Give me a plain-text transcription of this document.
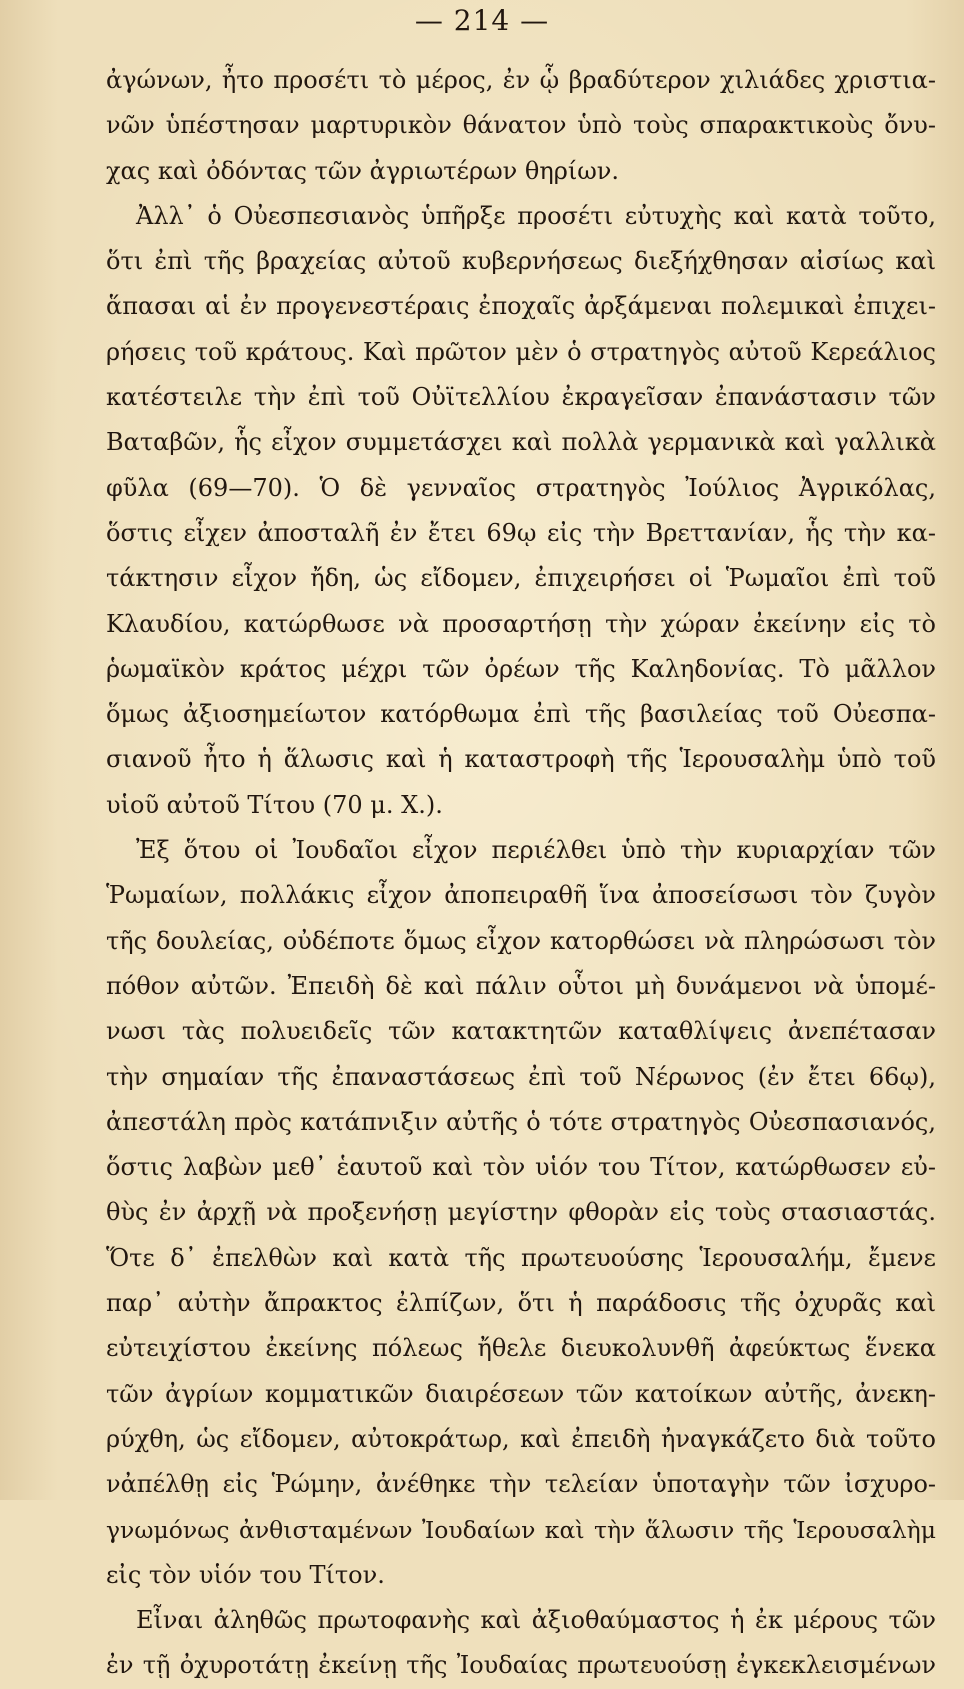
— 214 —
ἀγώνων, ἦτο προσέτι τὸ μέρος, ἐν ᾧ βραδύτερον χιλιάδες χριστια-
νῶν ὑπέστησαν μαρτυρικὸν θάνατον ὑπὸ τοὺς σπαρακτικοὺς ὄνυ-
χας καὶ ὀδόντας τῶν ἀγριωτέρων θηρίων.
Ἀλλ᾽ ὁ Οὐεσπεσιανὸς ὑπῆρξε προσέτι εὐτυχὴς καὶ κατὰ τοῦτο,
ὅτι ἐπὶ τῆς βραχείας αὐτοῦ κυβερνήσεως διεξήχθησαν αἰσίως καὶ
ἅπασαι αἱ ἐν προγενεστέραις ἐποχαῖς ἀρξάμεναι πολεμικαὶ ἐπιχει-
ρήσεις τοῦ κράτους. Καὶ πρῶτον μὲν ὁ στρατηγὸς αὐτοῦ Κερεάλιος
κατέστειλε τὴν ἐπὶ τοῦ Οὐϊτελλίου ἐκραγεῖσαν ἐπανάστασιν τῶν
Βαταβῶν, ἧς εἶχον συμμετάσχει καὶ πολλὰ γερμανικὰ καὶ γαλλικὰ
φῦλα (69—70). Ὁ δὲ γενναῖος στρατηγὸς Ἰούλιος Ἀγρικόλας,
ὅστις εἶχεν ἀποσταλῆ ἐν ἔτει 69ῳ εἰς τὴν Βρεττανίαν, ἧς τὴν κα-
τάκτησιν εἶχον ἤδη, ὡς εἴδομεν, ἐπιχειρήσει οἱ Ῥωμαῖοι ἐπὶ τοῦ
Κλαυδίου, κατώρθωσε νὰ προσαρτήσῃ τὴν χώραν ἐκείνην εἰς τὸ
ῥωμαϊκὸν κράτος μέχρι τῶν ὀρέων τῆς Καληδονίας. Τὸ μᾶλλον
ὅμως ἀξιοσημείωτον κατόρθωμα ἐπὶ τῆς βασιλείας τοῦ Οὐεσπα-
σιανοῦ ἦτο ἡ ἅλωσις καὶ ἡ καταστροφὴ τῆς Ἱερουσαλὴμ ὑπὸ τοῦ
υἱοῦ αὐτοῦ Τίτου (70 μ. Χ.).
Ἐξ ὅτου οἱ Ἰουδαῖοι εἶχον περιέλθει ὑπὸ τὴν κυριαρχίαν τῶν
Ῥωμαίων, πολλάκις εἶχον ἀποπειραθῆ ἵνα ἀποσείσωσι τὸν ζυγὸν
τῆς δουλείας, οὐδέποτε ὅμως εἶχον κατορθώσει νὰ πληρώσωσι τὸν
πόθον αὐτῶν. Ἐπειδὴ δὲ καὶ πάλιν οὗτοι μὴ δυνάμενοι νὰ ὑπομέ-
νωσι τὰς πολυειδεῖς τῶν κατακτητῶν καταθλίψεις ἀνεπέτασαν
τὴν σημαίαν τῆς ἐπαναστάσεως ἐπὶ τοῦ Νέρωνος (ἐν ἔτει 66ῳ),
ἀπεστάλη πρὸς κατάπνιξιν αὐτῆς ὁ τότε στρατηγὸς Οὐεσπασιανός,
ὅστις λαβὼν μεθ᾽ ἑαυτοῦ καὶ τὸν υἱόν του Τίτον, κατώρθωσεν εὐ-
θὺς ἐν ἀρχῇ νὰ προξενήσῃ μεγίστην φθορὰν εἰς τοὺς στασιαστάς.
Ὅτε δ᾽ ἐπελθὼν καὶ κατὰ τῆς πρωτευούσης Ἱερουσαλήμ, ἔμενε
παρ᾽ αὐτὴν ἄπρακτος ἐλπίζων, ὅτι ἡ παράδοσις τῆς ὀχυρᾶς καὶ
εὐτειχίστου ἐκείνης πόλεως ἤθελε διευκολυνθῆ ἀφεύκτως ἕνεκα
τῶν ἀγρίων κομματικῶν διαιρέσεων τῶν κατοίκων αὐτῆς, ἀνεκη-
ρύχθη, ὡς εἴδομεν, αὐτοκράτωρ, καὶ ἐπειδὴ ἠναγκάζετο διὰ τοῦτο
νἀπέλθῃ εἰς Ῥώμην, ἀνέθηκε τὴν τελείαν ὑποταγὴν τῶν ἰσχυρο-
γνωμόνως ἀνθισταμένων Ἰουδαίων καὶ τὴν ἅλωσιν τῆς Ἱερουσαλὴμ
εἰς τὸν υἱόν του Τίτον.
Εἶναι ἀληθῶς πρωτοφανὴς καὶ ἀξιοθαύμαστος ἡ ἐκ μέρους τῶν
ἐν τῇ ὀχυροτάτῃ ἐκείνῃ τῆς Ἰουδαίας πρωτευούσῃ ἐγκεκλεισμένων
